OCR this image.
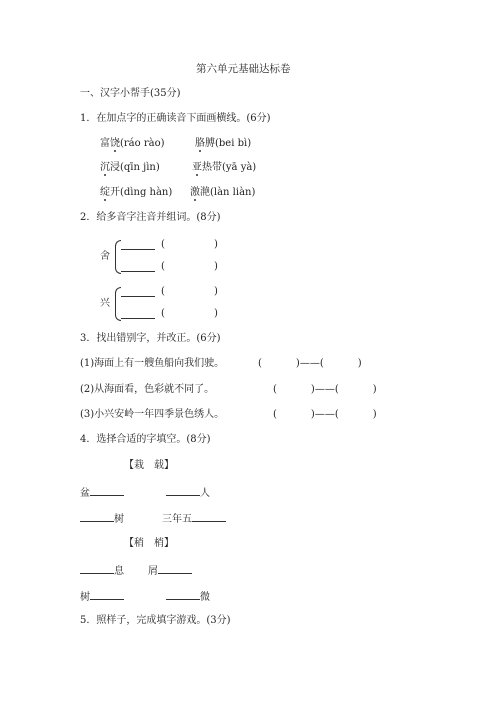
第六单元基础达标卷
一、汉字小帮手(35分)
1．在加点字的正确读音下面画横线。(6分)
富饶(ráo rào)	胳膊(bei bì)
沉浸(qīn jìn)	亚热带(yā yà)
绽开(dìng hàn) 激滟(làn liàn)
2．给多音字注音并组词。(8分)
舍
(	)
(	)
兴
(	)
(	)
3．找出错别字，并改正。(6分)
(1)海面上有一艘鱼船向我们驶。	(	)——(	)
(2)从海面看，色彩就不同了。	(	)——(	)
(3)小兴安岭一年四季景色绣人。	(	)——(	)
4．选择合适的字填空。(8分)
【栽　载】
盆	人
树	三年五
【稍　梢】
息 屑
树	微
5．照样子，完成填字游戏。(3分)
